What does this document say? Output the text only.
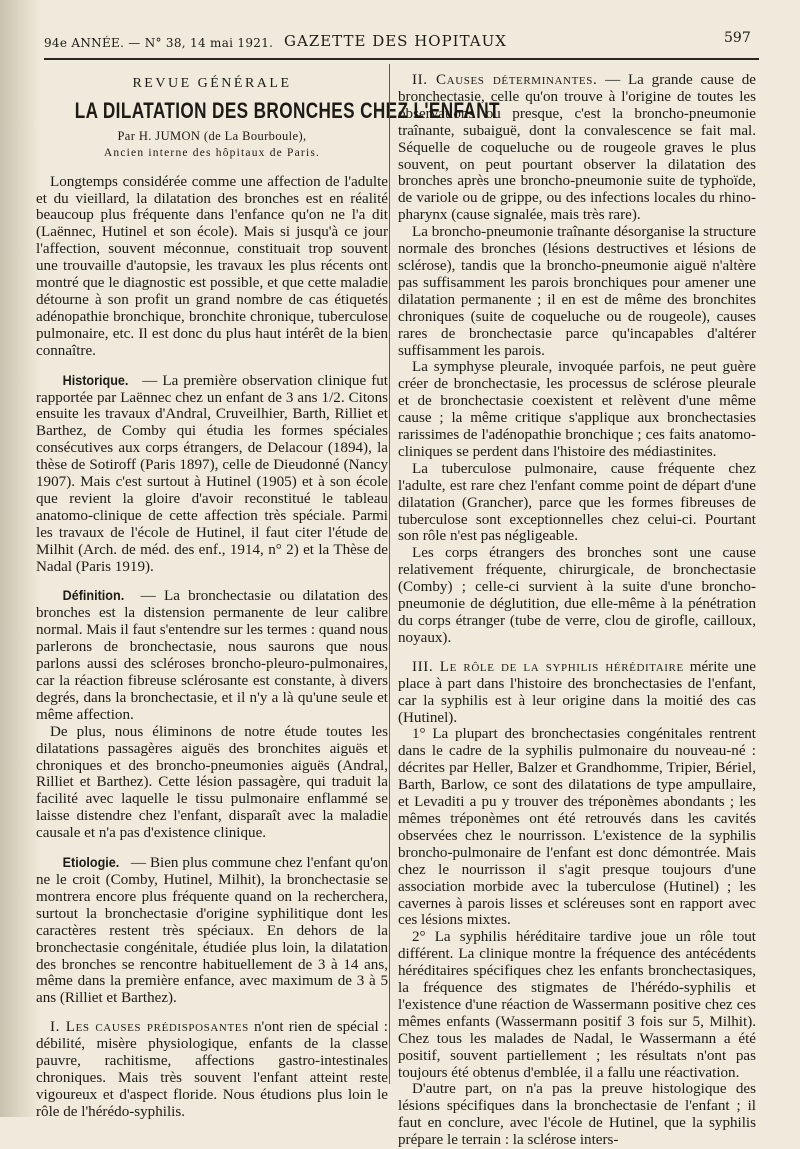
94e ANNÉE. — N° 38, 14 mai 1921. GAZETTE DES HOPITAUX	597
REVUE GÉNÉRALE
LA DILATATION DES BRONCHES CHEZ L'ENFANT
Par H. JUMON (de La Bourboule),
Ancien interne des hôpitaux de Paris.

Longtemps considérée comme une affection de l'adulte et du vieillard, la dilatation des bronches est en réalité beaucoup plus fréquente dans l'enfance qu'on ne l'a dit (Laënnec, Hutinel et son école). Mais si jusqu'à ce jour l'affection, souvent méconnue, constituait trop souvent une trouvaille d'autopsie, les travaux les plus récents ont montré que le diagnostic est possible, et que cette maladie détourne à son profit un grand nombre de cas étiquetés adénopathie bronchique, bronchite chronique, tuberculose pulmonaire, etc. Il est donc du plus haut intérêt de la bien connaître.

Historique. — La première observation clinique fut rapportée par Laënnec chez un enfant de 3 ans 1/2. Citons ensuite les travaux d'Andral, Cruveilhier, Barth, Rilliet et Barthez, de Comby qui étudia les formes spéciales consécutives aux corps étrangers, de Delacour (1894), la thèse de Sotiroff (Paris 1897), celle de Dieudonné (Nancy 1907). Mais c'est surtout à Hutinel (1905) et à son école que revient la gloire d'avoir reconstitué le tableau anatomo-clinique de cette affection très spéciale. Parmi les travaux de l'école de Hutinel, il faut citer l'étude de Milhit (Arch. de méd. des enf., 1914, n° 2) et la Thèse de Nadal (Paris 1919).

Définition. — La bronchectasie ou dilatation des bronches est la distension permanente de leur calibre normal. Mais il faut s'entendre sur les termes : quand nous parlerons de bronchectasie, nous saurons que nous parlons aussi des scléroses broncho-pleuro-pulmonaires, car la réaction fibreuse sclérosante est constante, à divers degrés, dans la bronchectasie, et il n'y a là qu'une seule et même affection.

De plus, nous éliminons de notre étude toutes les dilatations passagères aiguës des bronchites aiguës et chroniques et des broncho-pneumonies aiguës (Andral, Rilliet et Barthez). Cette lésion passagère, qui traduit la facilité avec laquelle le tissu pulmonaire enflammé se laisse distendre chez l'enfant, disparaît avec la maladie causale et n'a pas d'existence clinique.

Etiologie. — Bien plus commune chez l'enfant qu'on ne le croit (Comby, Hutinel, Milhit), la bronchectasie se montrera encore plus fréquente quand on la recherchera, surtout la bronchectasie d'origine syphilitique dont les caractères restent très spéciaux. En dehors de la bronchectasie congénitale, étudiée plus loin, la dilatation des bronches se rencontre habituellement de 3 à 14 ans, même dans la première enfance, avec maximum de 3 à 5 ans (Rilliet et Barthez).

I. Les causes prédisposantes n'ont rien de spécial : débilité, misère physiologique, enfants de la classe pauvre, rachitisme, affections gastro-intestinales chroniques. Mais très souvent l'enfant atteint reste vigoureux et d'aspect floride. Nous étudions plus loin le rôle de l'hérédo-syphilis.

II. Causes déterminantes. — La grande cause de bronchectasie, celle qu'on trouve à l'origine de toutes les observations ou presque, c'est la broncho-pneumonie traînante, subaiguë, dont la convalescence se fait mal. Séquelle de coqueluche ou de rougeole graves le plus souvent, on peut pourtant observer la dilatation des bronches après une broncho-pneumonie suite de typhoïde, de variole ou de grippe, ou des infections locales du rhino-pharynx (cause signalée, mais très rare).

La broncho-pneumonie traînante désorganise la structure normale des bronches (lésions destructives et lésions de sclérose), tandis que la broncho-pneumonie aiguë n'altère pas suffisamment les parois bronchiques pour amener une dilatation permanente ; il en est de même des bronchites chroniques (suite de coqueluche ou de rougeole), causes rares de bronchectasie parce qu'incapables d'altérer suffisamment les parois.

La symphyse pleurale, invoquée parfois, ne peut guère créer de bronchectasie, les processus de sclérose pleurale et de bronchectasie coexistent et relèvent d'une même cause ; la même critique s'applique aux bronchectasies rarissimes de l'adénopathie bronchique ; ces faits anatomo-cliniques se perdent dans l'histoire des médiastinites.

La tuberculose pulmonaire, cause fréquente chez l'adulte, est rare chez l'enfant comme point de départ d'une dilatation (Grancher), parce que les formes fibreuses de tuberculose sont exceptionnelles chez celui-ci. Pourtant son rôle n'est pas négligeable.

Les corps étrangers des bronches sont une cause relativement fréquente, chirurgicale, de bronchectasie (Comby) ; celle-ci survient à la suite d'une broncho-pneumonie de déglutition, due elle-même à la pénétration du corps étranger (tube de verre, clou de girofle, cailloux, noyaux).

III. Le rôle de la syphilis héréditaire mérite une place à part dans l'histoire des bronchectasies de l'enfant, car la syphilis est à leur origine dans la moitié des cas (Hutinel).

1° La plupart des bronchectasies congénitales rentrent dans le cadre de la syphilis pulmonaire du nouveau-né : décrites par Heller, Balzer et Grandhomme, Tripier, Bériel, Barth, Barlow, ce sont des dilatations de type ampullaire, et Levaditi a pu y trouver des tréponèmes abondants ; les mêmes tréponèmes ont été retrouvés dans les cavités observées chez le nourrisson. L'existence de la syphilis broncho-pulmonaire de l'enfant est donc démontrée. Mais chez le nourrisson il s'agit presque toujours d'une association morbide avec la tuberculose (Hutinel) ; les cavernes à parois lisses et scléreuses sont en rapport avec ces lésions mixtes.

2° La syphilis héréditaire tardive joue un rôle tout différent. La clinique montre la fréquence des antécédents héréditaires spécifiques chez les enfants bronchectasiques, la fréquence des stigmates de l'hérédo-syphilis et l'existence d'une réaction de Wassermann positive chez ces mêmes enfants (Wassermann positif 3 fois sur 5, Milhit). Chez tous les malades de Nadal, le Wassermann a été positif, souvent partiellement ; les résultats n'ont pas toujours été obtenus d'emblée, il a fallu une réactivation.

D'autre part, on n'a pas la preuve histologique des lésions spécifiques dans la bronchectasie de l'enfant ; il faut en conclure, avec l'école de Hutinel, que la syphilis prépare le terrain : la sclérose inters-
